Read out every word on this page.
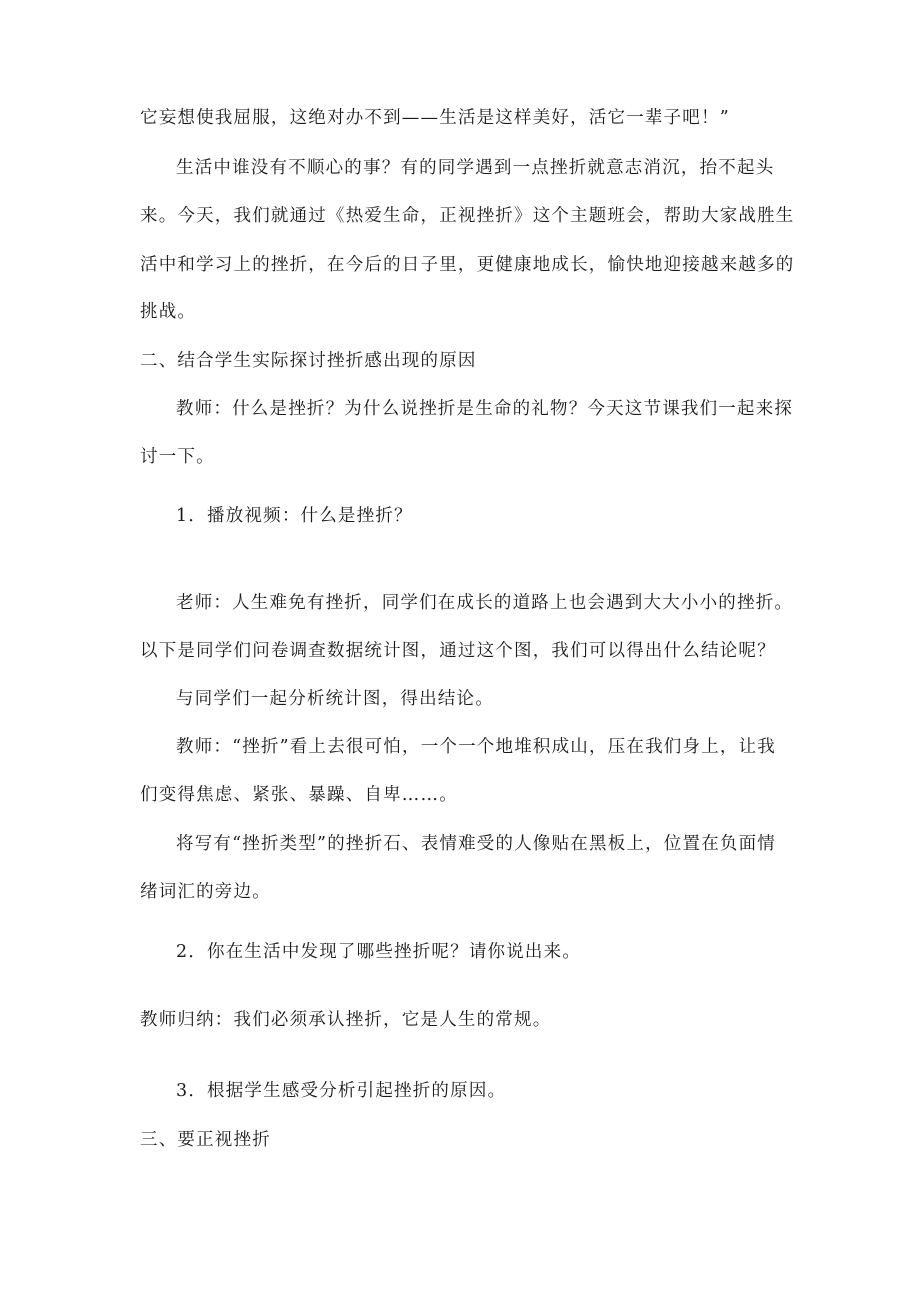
它妄想使我屈服，这绝对办不到——生活是这样美好，活它一辈子吧！”
生活中谁没有不顺心的事？有的同学遇到一点挫折就意志消沉，抬不起头
来。今天，我们就通过《热爱生命，正视挫折》这个主题班会，帮助大家战胜生
活中和学习上的挫折，在今后的日子里，更健康地成长，愉快地迎接越来越多的
挑战。
二、结合学生实际探讨挫折感出现的原因
教师：什么是挫折？为什么说挫折是生命的礼物？今天这节课我们一起来探
讨一下。
1．播放视频：什么是挫折？
老师：人生难免有挫折，同学们在成长的道路上也会遇到大大小小的挫折。
以下是同学们问卷调查数据统计图，通过这个图，我们可以得出什么结论呢？
与同学们一起分析统计图，得出结论。
教师：“挫折”看上去很可怕，一个一个地堆积成山，压在我们身上，让我
们变得焦虑、紧张、暴躁、自卑……。
将写有“挫折类型”的挫折石、表情难受的人像贴在黑板上，位置在负面情
绪词汇的旁边。
2．你在生活中发现了哪些挫折呢？请你说出来。
教师归纳：我们必须承认挫折，它是人生的常规。
3．根据学生感受分析引起挫折的原因。
三、要正视挫折
